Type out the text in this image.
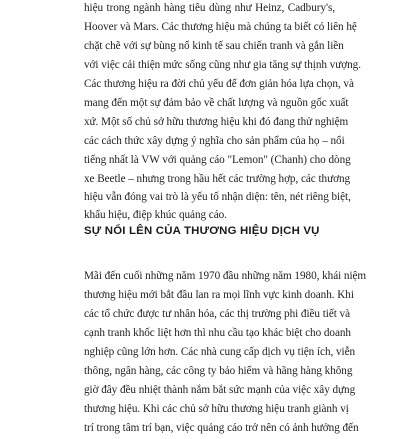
hiệu trong ngành hàng tiêu dùng như Heinz, Cadbury's,
Hoover và Mars. Các thương hiệu mà chúng ta biết có liên hệ
chặt chẽ với sự bùng nổ kinh tế sau chiến tranh và gắn liền
với việc cải thiện mức sống cũng như gia tăng sự thịnh vượng.
Các thương hiệu ra đời chủ yếu để đơn giản hóa lựa chọn, và
mang đến một sự đảm bảo về chất lượng và nguồn gốc xuất
xứ. Một số chủ sở hữu thương hiệu khi đó đang thử nghiệm
các cách thức xây dựng ý nghĩa cho sản phẩm của họ – nổi
tiếng nhất là VW với quảng cáo "Lemon" (Chanh) cho dòng
xe Beetle – nhưng trong hầu hết các trường hợp, các thương
hiệu vẫn đóng vai trò là yếu tố nhận diện: tên, nét riêng biệt,
khẩu hiệu, điệp khúc quảng cáo.
SỰ NỔI LÊN CỦA THƯƠNG HIỆU DỊCH VỤ
Mãi đến cuối những năm 1970 đầu những năm 1980, khái niệm
thương hiệu mới bắt đầu lan ra mọi lĩnh vực kinh doanh. Khi
các tổ chức được tư nhân hóa, các thị trường phi điều tiết và
cạnh tranh khốc liệt hơn thì nhu cầu tạo khác biệt cho doanh
nghiệp cũng lớn hơn. Các nhà cung cấp dịch vụ tiện ích, viễn
thông, ngân hàng, các công ty bảo hiểm và hãng hàng không
giờ đây đều nhiệt thành nắm bắt sức mạnh của việc xây dựng
thương hiệu. Khi các chủ sở hữu thương hiệu tranh giành vị
trí trong tâm trí bạn, việc quảng cáo trở nên có ảnh hưởng đến
